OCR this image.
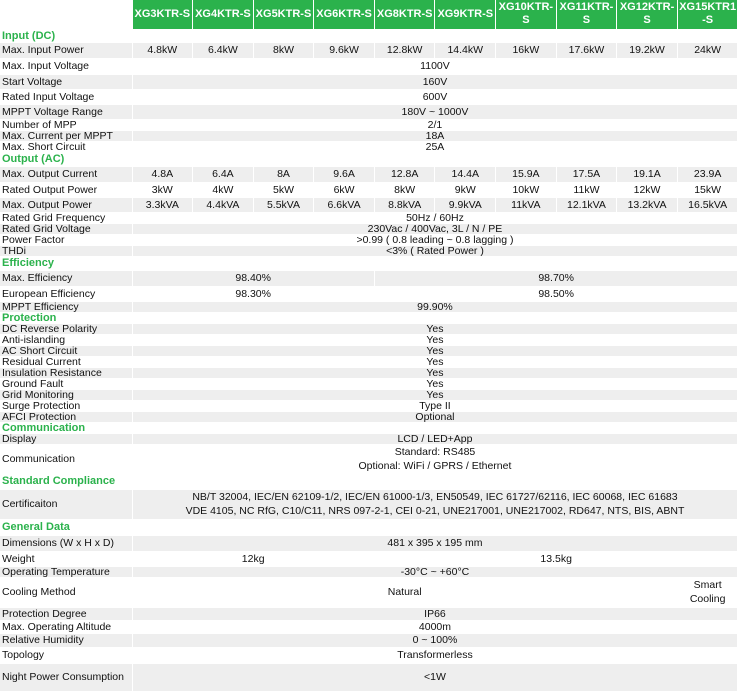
	XG3KTR-S	XG4KTR-S	XG5KTR-S	XG6KTR-S	XG8KTR-S	XG9KTR-S	XG10KTR-S	XG11KTR-S	XG12KTR-S	XG15KTR1-S
Input (DC)										
Max. Input Power	4.8kW	6.4kW	8kW	9.6kW	12.8kW	14.4kW	16kW	17.6kW	19.2kW	24kW
Max. Input Voltage	1100V									
Start Voltage	160V									
Rated Input Voltage	600V									
MPPT Voltage Range	180V ~ 1000V									
Number of MPP	2/1									
Max. Current per MPPT	18A									
Max. Short Circuit	25A									
Output (AC)										
Max. Output Current	4.8A	6.4A	8A	9.6A	12.8A	14.4A	15.9A	17.5A	19.1A	23.9A
Rated Output Power	3kW	4kW	5kW	6kW	8kW	9kW	10kW	11kW	12kW	15kW
Max. Output Power	3.3kVA	4.4kVA	5.5kVA	6.6kVA	8.8kVA	9.9kVA	11kVA	12.1kVA	13.2kVA	16.5kVA
Rated Grid Frequency	50Hz / 60Hz									
Rated Grid Voltage	230Vac / 400Vac, 3L / N / PE									
Power Factor	>0.99 ( 0.8 leading ~ 0.8 lagging )									
THDi	<3% ( Rated Power )									
Efficiency										
Max. Efficiency	98.40%				98.70%					
European Efficiency	98.30%				98.50%					
MPPT Efficiency	99.90%									
Protection										
DC Reverse Polarity	Yes									
Anti-islanding	Yes									
AC Short Circuit	Yes									
Residual Current	Yes									
Insulation Resistance	Yes									
Ground Fault	Yes									
Grid Monitoring	Yes									
Surge Protection	Type II									
AFCI Protection	Optional									
Communication										
Display	LCD / LED+App									
Communication	Standard: RS485
Optional: WiFi / GPRS / Ethernet									

Standard Compliance										
Certificaiton	NB/T 32004, IEC/EN 62109-1/2, IEC/EN 61000-1/3, EN50549, IEC 61727/62116, IEC 60068, IEC 61683
VDE 4105, NC RfG, C10/C11, NRS 097-2-1, CEI 0-21, UNE217001, UNE217002, RD647, NTS, BIS, ABNT									

General Data										
Dimensions (W x H x D)	481 x 395 x 195 mm									
Weight	12kg				13.5kg					
Operating Temperature	-30°C ~ +60°C									
Cooling Method	Natural									Smart
Cooling

Protection Degree	IP66									
Max. Operating Altitude	4000m									
Relative Humidity	0 ~ 100%									
Topology	Transformerless									
Night Power Consumption	<1W									
